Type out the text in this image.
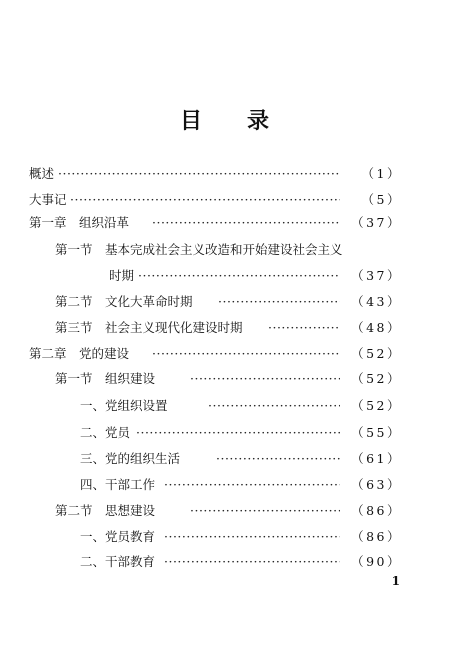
目 录
概述 ·····	（1）
大事记 ·····	（5）
第一章　组织沿革 ·····	（37）
第一节　基本完成社会主义改造和开始建设社会主义
时期 ·····	（37）
第二节　文化大革命时期 ·····	（43）
第三节　社会主义现代化建设时期 ·····	（48）
第二章　党的建设 ·····	（52）
第一节　组织建设 ·····	（52）
一、党组织设置 ·····	（52）
二、党员 ·····	（55）
三、党的组织生活 ·····	（61）
四、干部工作 ·····	（63）
第二节　思想建设 ·····	（86）
一、党员教育 ·····	（86）
二、干部教育 ·····	（90）
1
